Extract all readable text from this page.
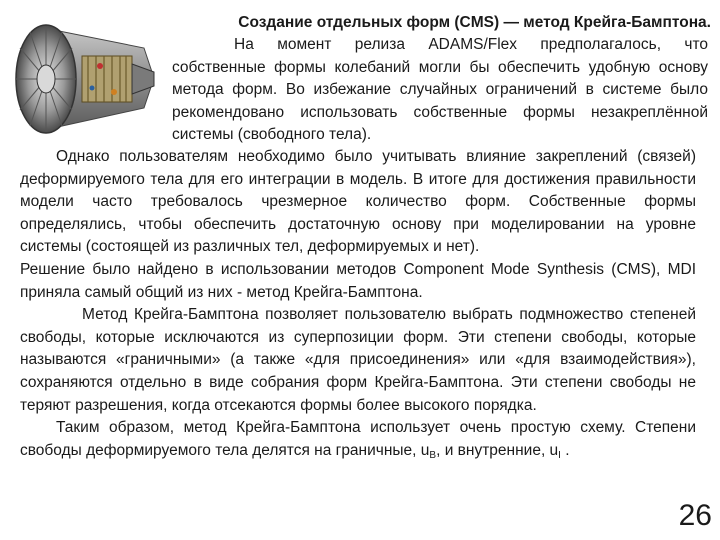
Создание отдельных форм (CMS) — метод Крейга-Бамптона.
На момент релиза ADAMS/Flex предполагалось, что собственные формы колебаний могли бы обеспечить удобную основу метода форм. Во избежание случайных ограничений в системе было рекомендовано использовать собственные формы незакреплённой системы (свободного тела).

Однако пользователям необходимо было учитывать влияние закреплений (связей) деформируемого тела для его интеграции в модель. В итоге для достижения правильности модели часто требовалось чрезмерное количество форм. Собственные формы определялись, чтобы обеспечить достаточную основу при моделировании на уровне системы (состоящей из различных тел, деформируемых и нет).

Решение было найдено в использовании методов Component Mode Synthesis (CMS), MDI приняла самый общий из них - метод Крейга-Бамптона.

Метод Крейга-Бамптона позволяет пользователю выбрать подмножество степеней свободы, которые исключаются из суперпозиции форм. Эти степени свободы, которые называются «граничными» (а также «для присоединения» или «для взаимодействия»), сохраняются отдельно в виде собрания форм Крейга-Бамптона. Эти степени свободы не теряют разрешения, когда отсекаются формы более высокого порядка.

Таким образом, метод Крейга-Бамптона использует очень простую схему. Степени свободы деформируемого тела делятся на граничные, $u_B$, и внутренние, $u_I$ .

26
